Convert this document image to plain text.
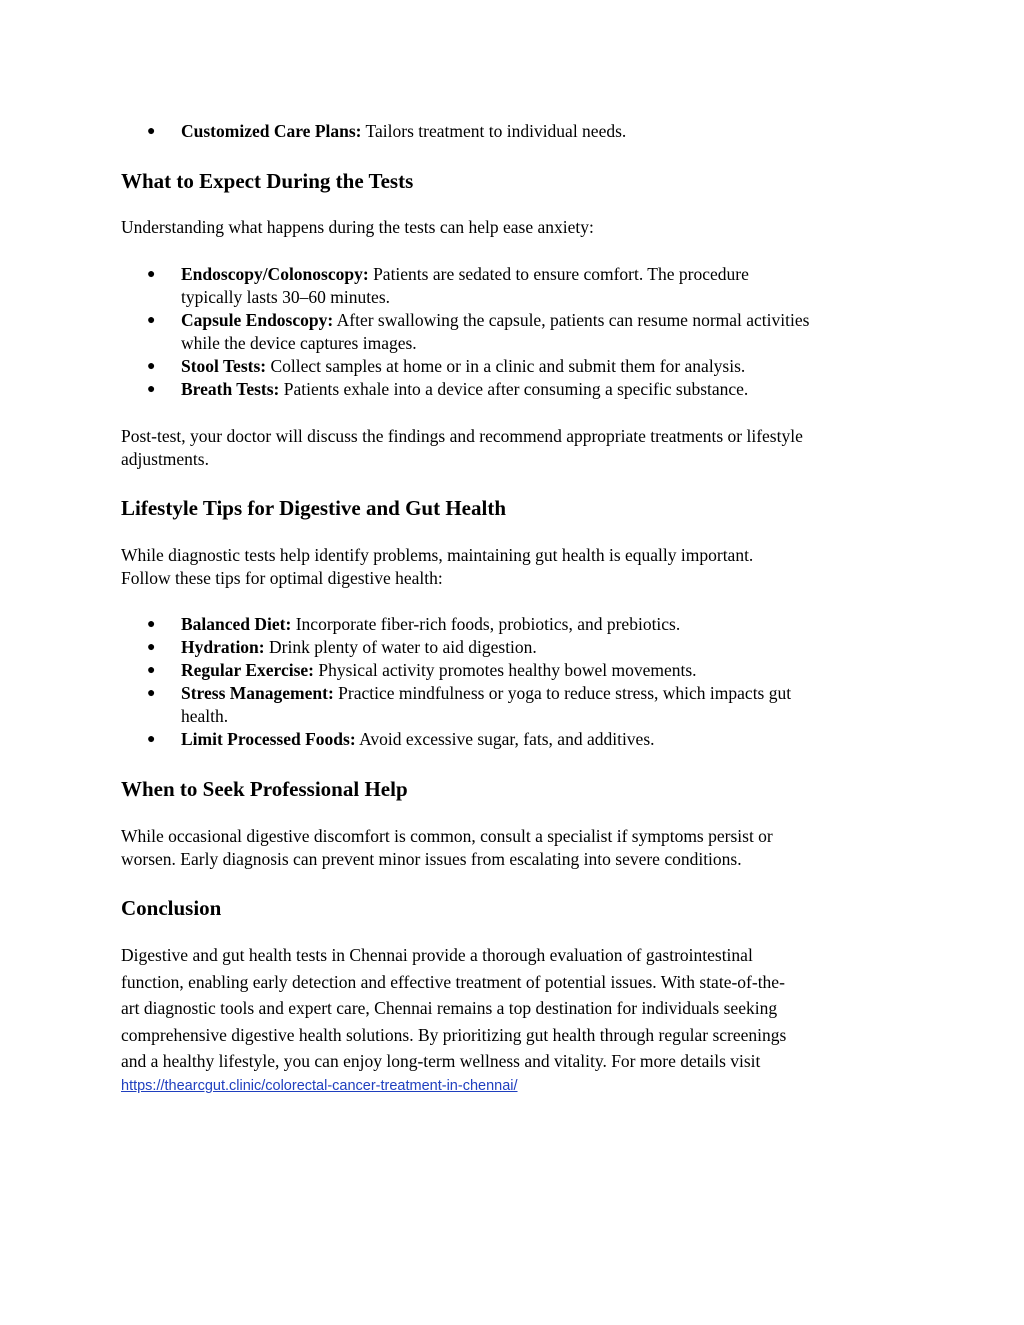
● Customized Care Plans: Tailors treatment to individual needs.
What to Expect During the Tests

Understanding what happens during the tests can help ease anxiety:

● Endoscopy/Colonoscopy: Patients are sedated to ensure comfort. The procedure
typically lasts 30–60 minutes.
● Capsule Endoscopy: After swallowing the capsule, patients can resume normal activities
while the device captures images.
● Stool Tests: Collect samples at home or in a clinic and submit them for analysis.
● Breath Tests: Patients exhale into a device after consuming a specific substance.

Post-test, your doctor will discuss the findings and recommend appropriate treatments or lifestyle
adjustments.

Lifestyle Tips for Digestive and Gut Health

While diagnostic tests help identify problems, maintaining gut health is equally important.
Follow these tips for optimal digestive health:

● Balanced Diet: Incorporate fiber-rich foods, probiotics, and prebiotics.
● Hydration: Drink plenty of water to aid digestion.
● Regular Exercise: Physical activity promotes healthy bowel movements.
● Stress Management: Practice mindfulness or yoga to reduce stress, which impacts gut
health.
● Limit Processed Foods: Avoid excessive sugar, fats, and additives.
When to Seek Professional Help

While occasional digestive discomfort is common, consult a specialist if symptoms persist or
worsen. Early diagnosis can prevent minor issues from escalating into severe conditions.

Conclusion

Digestive and gut health tests in Chennai provide a thorough evaluation of gastrointestinal
function, enabling early detection and effective treatment of potential issues. With state-of-the-
art diagnostic tools and expert care, Chennai remains a top destination for individuals seeking
comprehensive digestive health solutions. By prioritizing gut health through regular screenings
and a healthy lifestyle, you can enjoy long-term wellness and vitality. For more details visit

https://thearcgut.clinic/colorectal-cancer-treatment-in-chennai/
